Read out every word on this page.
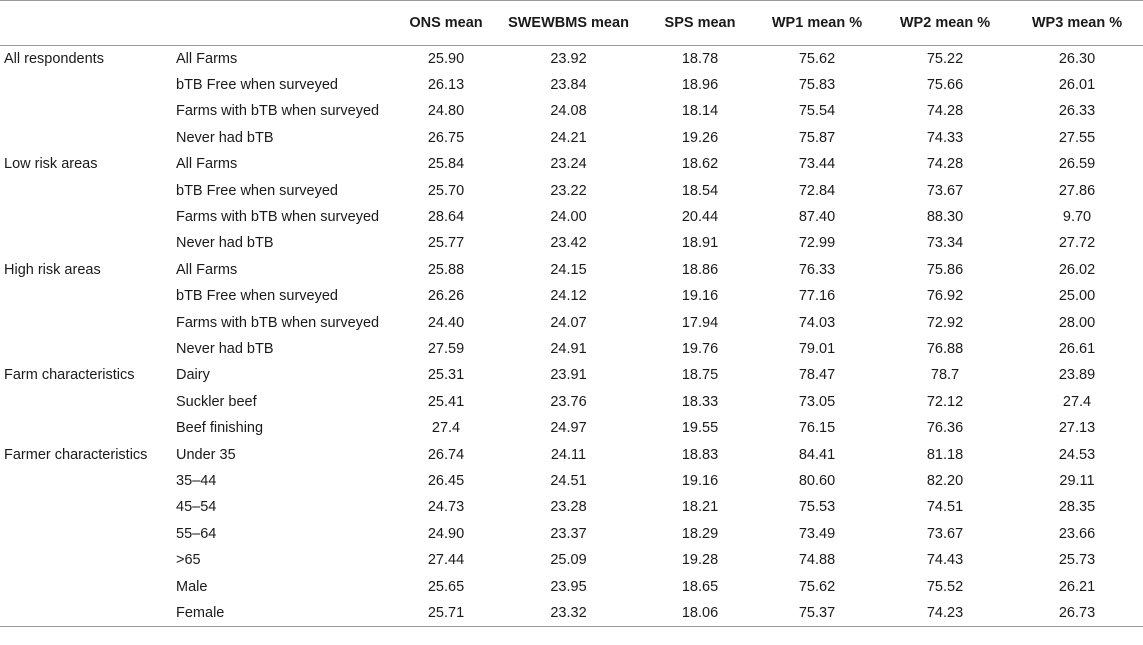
		ONS mean	SWEWBMS mean	SPS mean	WP1 mean %	WP2 mean %	WP3 mean %
All respondents	All Farms	25.90	23.92	18.78	75.62	75.22	26.30
	bTB Free when surveyed	26.13	23.84	18.96	75.83	75.66	26.01
	Farms with bTB when surveyed	24.80	24.08	18.14	75.54	74.28	26.33
	Never had bTB	26.75	24.21	19.26	75.87	74.33	27.55
Low risk areas	All Farms	25.84	23.24	18.62	73.44	74.28	26.59
	bTB Free when surveyed	25.70	23.22	18.54	72.84	73.67	27.86
	Farms with bTB when surveyed	28.64	24.00	20.44	87.40	88.30	9.70
	Never had bTB	25.77	23.42	18.91	72.99	73.34	27.72
High risk areas	All Farms	25.88	24.15	18.86	76.33	75.86	26.02
	bTB Free when surveyed	26.26	24.12	19.16	77.16	76.92	25.00
	Farms with bTB when surveyed	24.40	24.07	17.94	74.03	72.92	28.00
	Never had bTB	27.59	24.91	19.76	79.01	76.88	26.61
Farm characteristics	Dairy	25.31	23.91	18.75	78.47	78.7	23.89
	Suckler beef	25.41	23.76	18.33	73.05	72.12	27.4
	Beef finishing	27.4	24.97	19.55	76.15	76.36	27.13
Farmer characteristics	Under 35	26.74	24.11	18.83	84.41	81.18	24.53
	35–44	26.45	24.51	19.16	80.60	82.20	29.11
	45–54	24.73	23.28	18.21	75.53	74.51	28.35
	55–64	24.90	23.37	18.29	73.49	73.67	23.66
	>65	27.44	25.09	19.28	74.88	74.43	25.73
	Male	25.65	23.95	18.65	75.62	75.52	26.21
	Female	25.71	23.32	18.06	75.37	74.23	26.73
